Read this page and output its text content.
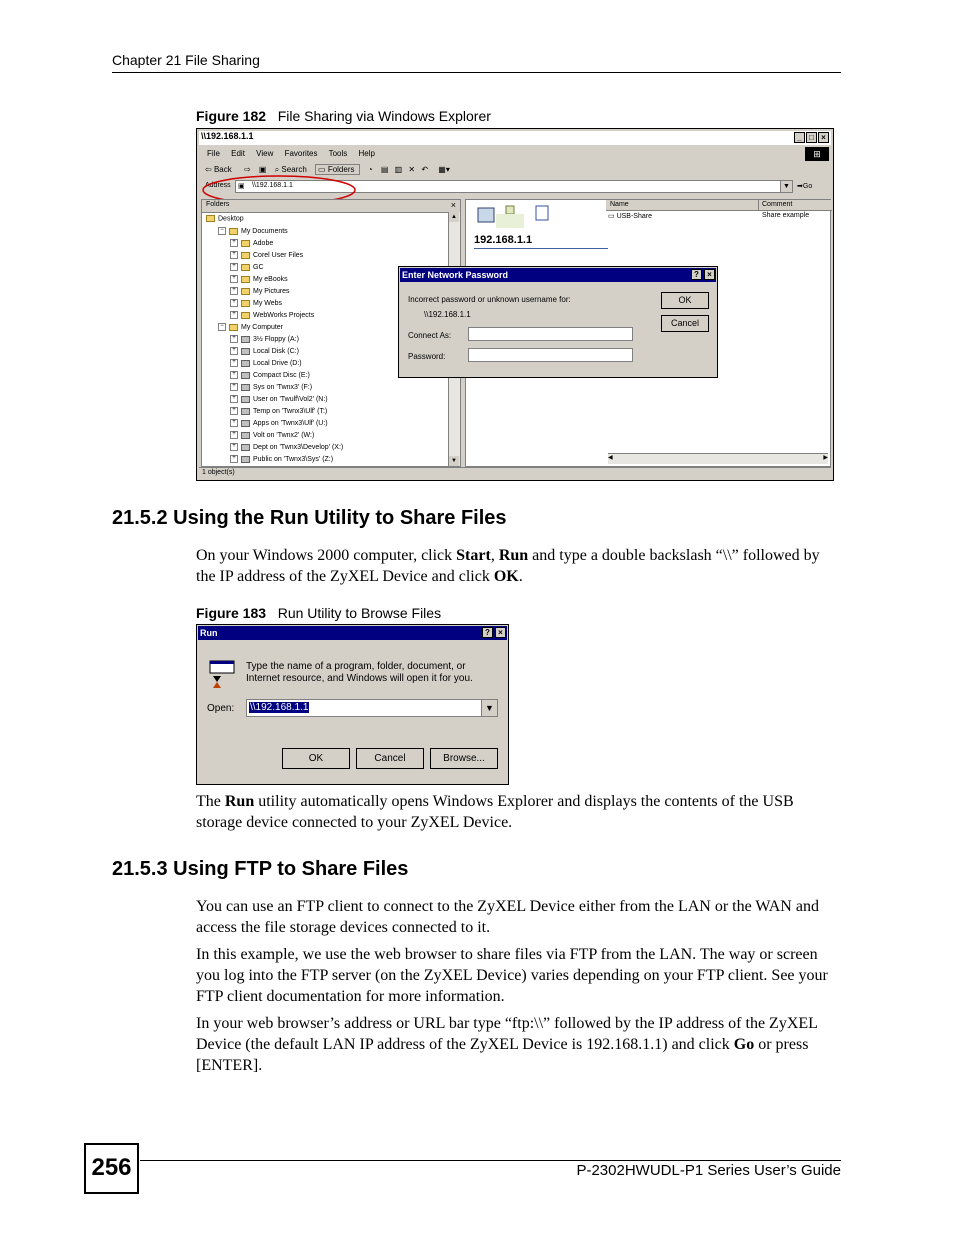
Chapter 21 File Sharing
Figure 182 File Sharing via Windows Explorer
\\192.168.1.1	_ □ ×
File Edit View Favorites Tools Help	⊞
⇦ Back ⇨ ▣ ⌕ Search ▭ Folders ◔ ▤ ▥ ✕ ↶ ▦▾
Address ▣ \\192.168.1.1	▼ ➡Go
Folders	×
Desktop
− My Documents
+ Adobe
+ Corel User Files
+ GC
+ My eBooks
+ My Pictures
+ My Webs
+ WebWorks Projects
− My Computer
+ 3½ Floppy (A:)
+ Local Disk (C:)
+ Local Drive (D:)
+ Compact Disc (E:)
+ Sys on 'Twnx3' (F:)
+ User on 'Twulf\Vol2' (N:)
+ Temp on 'Twnx3\Ulf' (T:)
+ Apps on 'Twnx3\Ulf' (U:)
+ Volt on 'Twnx2' (W:)
+ Dept on 'Twnx3\Develop' (X:)
+ Public on 'Twnx3\Sys' (Z:)
▲
▼
192.168.1.1
Name	Comment
▭ USB-Share	Share example
◀	▶
1 object(s)
Enter Network Password	?	×
Incorrect password or unknown username for:
\\192.168.1.1
Connect As:
Password:
OK
Cancel
21.5.2 Using the Run Utility to Share Files

On your Windows 2000 computer, click Start, Run and type a double backslash “\\” followed by the IP address of the ZyXEL Device and click OK.

Figure 183 Run Utility to Browse Files
Run	?	×
Type the name of a program, folder, document, or Internet resource, and Windows will open it for you.
Open: \\192.168.1.1	▼
OK	Cancel	Browse...

The Run utility automatically opens Windows Explorer and displays the contents of the USB storage device connected to your ZyXEL Device.

21.5.3 Using FTP to Share Files

You can use an FTP client to connect to the ZyXEL Device either from the LAN or the WAN and access the file storage devices connected to it.

In this example, we use the web browser to share files via FTP from the LAN. The way or screen you log into the FTP server (on the ZyXEL Device) varies depending on your FTP client. See your FTP client documentation for more information.

In your web browser’s address or URL bar type “ftp:\\” followed by the IP address of the ZyXEL Device (the default LAN IP address of the ZyXEL Device is 192.168.1.1) and click Go or press [ENTER].

256	P-2302HWUDL-P1 Series User’s Guide
